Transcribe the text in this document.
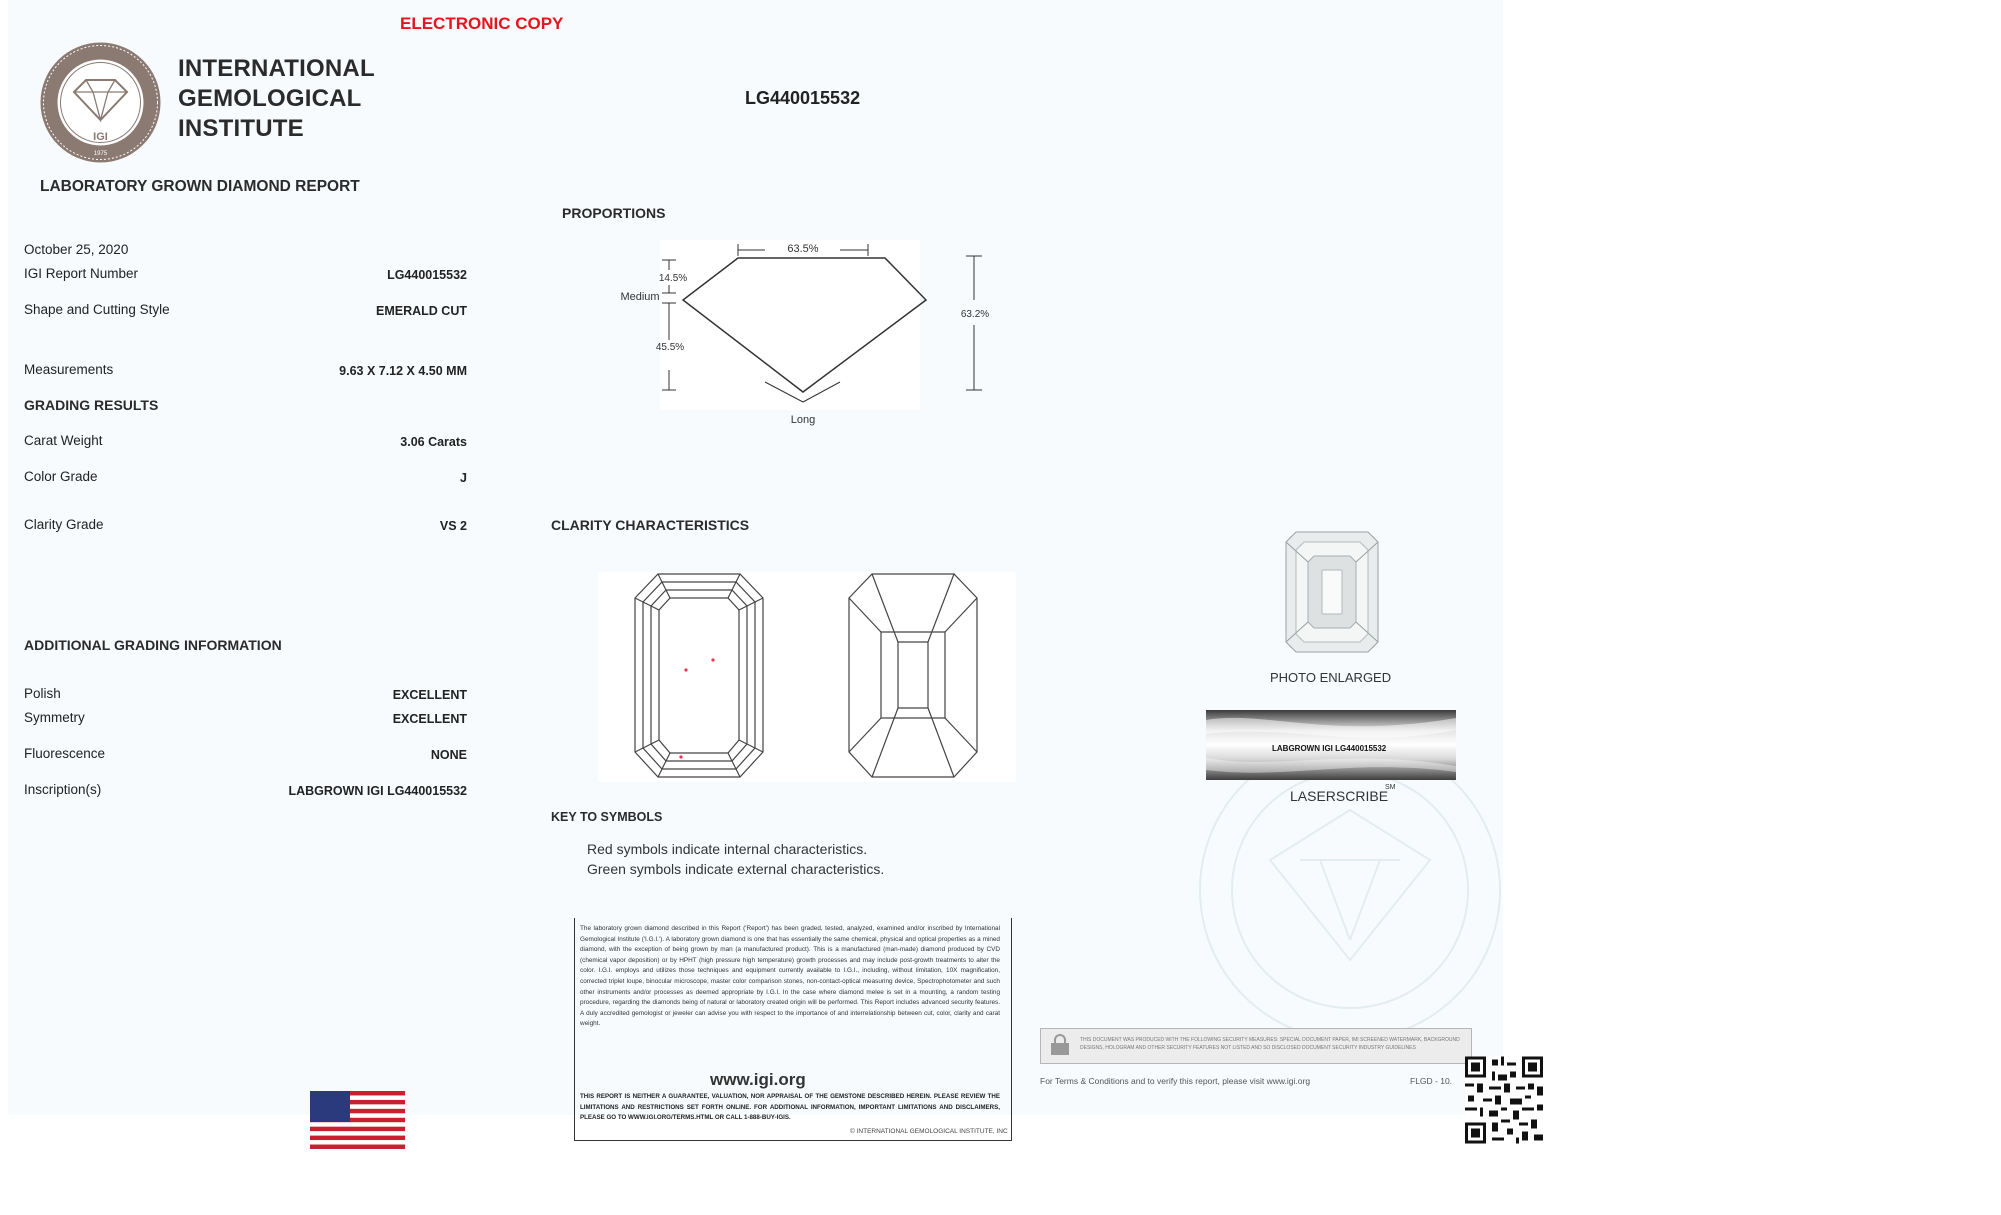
ELECTRONIC COPY
IGI
1975
INTERNATIONAL
GEMOLOGICAL
INSTITUTE
LABORATORY GROWN DIAMOND REPORT
LG440015532
October 25, 2020
IGI Report Number	LG440015532
Shape and Cutting Style	EMERALD CUT
Measurements	9.63 X 7.12 X 4.50 MM
GRADING RESULTS
Carat Weight	3.06 Carats
Color Grade	J
Clarity Grade	VS 2
ADDITIONAL GRADING INFORMATION
Polish	EXCELLENT
Symmetry	EXCELLENT
Fluorescence	NONE
Inscription(s)	LABGROWN IGI LG440015532
PROPORTIONS
63.5%
14.5%
Medium
45.5%
63.2%
Long
CLARITY CHARACTERISTICS
KEY TO SYMBOLS
Red symbols indicate internal characteristics.
Green symbols indicate external characteristics.
The laboratory grown diamond described in this Report ('Report') has been graded, tested, analyzed, examined and/or inscribed by International Gemological Institute ('I.G.I.'). A laboratory grown diamond is one that has essentially the same chemical, physical and optical properties as a mined diamond, with the exception of being grown by man (a manufactured product). This is a manufactured (man-made) diamond produced by CVD (chemical vapor deposition) or by HPHT (high pressure high temperature) growth processes and may include post-growth treatments to alter the color. I.G.I. employs and utilizes those techniques and equipment currently available to I.G.I., including, without limitation, 10X magnification, corrected triplet loupe, binocular microscope, master color comparison stones, non-contact-optical measuring device, Spectrophotometer and such other instruments and/or processes as deemed appropriate by I.G.I. In the case where diamond melee is set in a mounting, a random testing procedure, regarding the diamonds being of natural or laboratory created origin will be performed. This Report includes advanced security features. A duly accredited gemologist or jeweler can advise you with respect to the importance of and interrelationship between cut, color, clarity and carat weight.
THIS REPORT IS NEITHER A GUARANTEE, VALUATION, NOR APPRAISAL OF THE GEMSTONE DESCRIBED HEREIN. PLEASE REVIEW THE LIMITATIONS AND RESTRICTIONS SET FORTH ONLINE. FOR ADDITIONAL INFORMATION, IMPORTANT LIMITATIONS AND DISCLAIMERS, PLEASE GO TO WWW.IGI.ORG/TERMS.HTML OR CALL 1-888-BUY-IGIS.
www.igi.org
© INTERNATIONAL GEMOLOGICAL INSTITUTE, INC
PHOTO ENLARGED
LABGROWN IGI LG440015532
LASERSCRIBE
SM
THIS DOCUMENT WAS PRODUCED WITH THE FOLLOWING SECURITY MEASURES: SPECIAL DOCUMENT PAPER, IMI SCREENED WATERMARK, BACKGROUND DESIGNS, HOLOGRAM AND OTHER SECURITY FEATURES NOT LISTED AND SO DISCLOSED DOCUMENT SECURITY INDUSTRY GUIDELINES
For Terms & Conditions and to verify this report, please visit www.igi.org	FLGD - 10.
